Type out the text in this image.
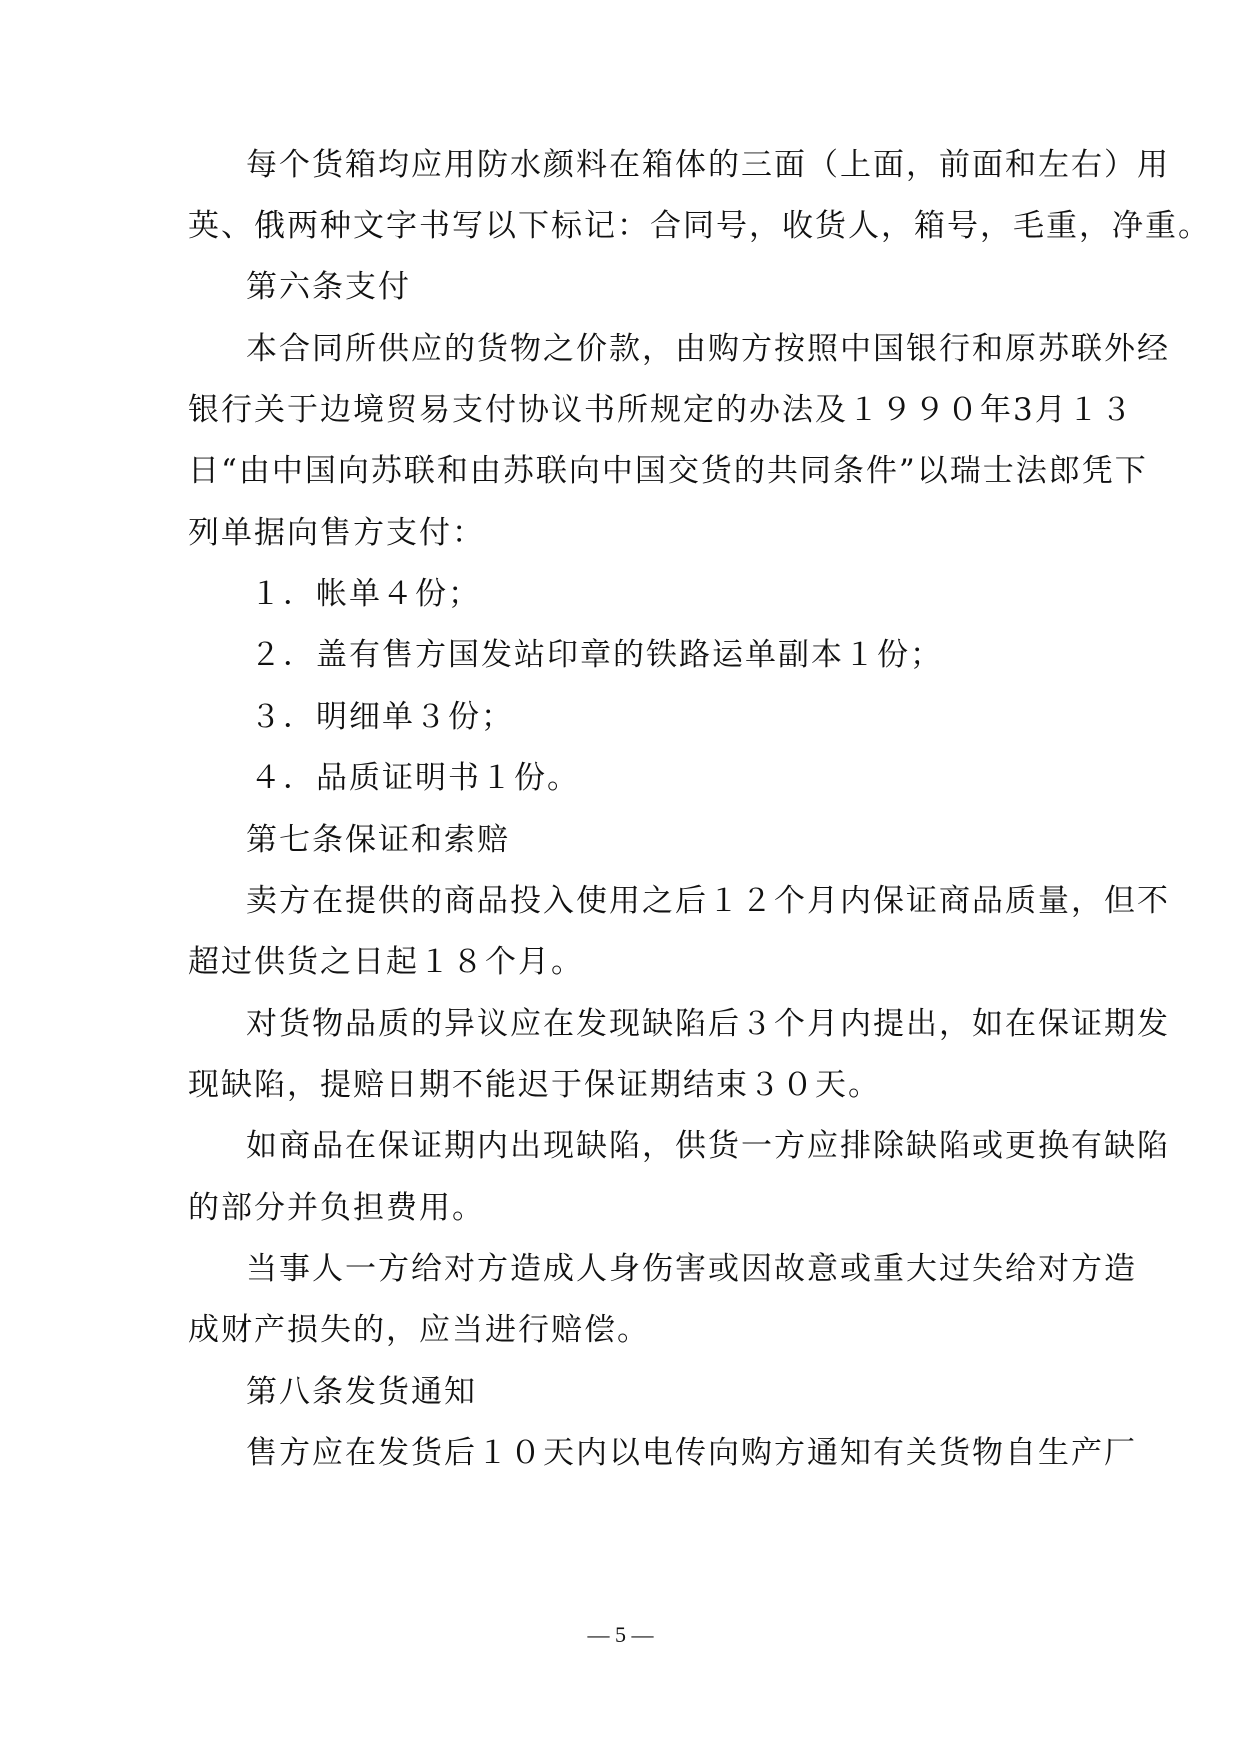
每个货箱均应用防水颜料在箱体的三面（上面，前面和左右）用
英、俄两种文字书写以下标记：合同号，收货人，箱号，毛重，净重。
第六条支付
本合同所供应的货物之价款，由购方按照中国银行和原苏联外经
银行关于边境贸易支付协议书所规定的办法及１９９０年3月１３
日“由中国向苏联和由苏联向中国交货的共同条件”以瑞士法郎凭下
列单据向售方支付：
１．帐单４份；
２．盖有售方国发站印章的铁路运单副本１份；
３．明细单３份；
４．品质证明书１份。
第七条保证和索赔
卖方在提供的商品投入使用之后１２个月内保证商品质量，但不
超过供货之日起１８个月。
对货物品质的异议应在发现缺陷后３个月内提出，如在保证期发
现缺陷，提赔日期不能迟于保证期结束３０天。
如商品在保证期内出现缺陷，供货一方应排除缺陷或更换有缺陷
的部分并负担费用。
当事人一方给对方造成人身伤害或因故意或重大过失给对方造
成财产损失的，应当进行赔偿。
第八条发货通知
售方应在发货后１０天内以电传向购方通知有关货物自生产厂
— 5 —
